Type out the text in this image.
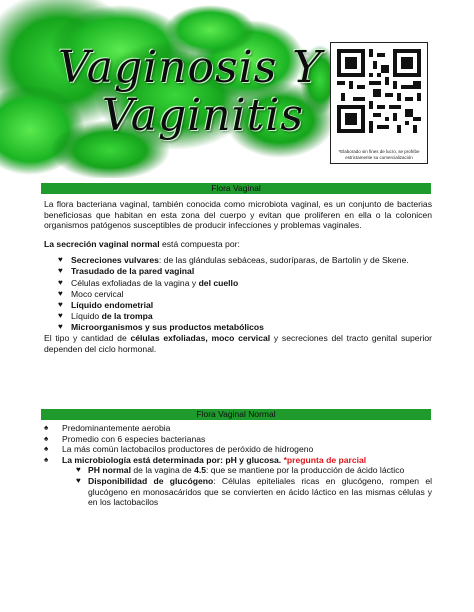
Vaginosis Y
Vaginitis
*Elaborado sin fines de lucro, se prohíbe estrictamente su comercialización
Flora Vaginal

La flora bacteriana vaginal, también conocida como microbiota vaginal, es un conjunto de bacterias beneficiosas que habitan en esta zona del cuerpo y evitan que proliferen en ella o la colonicen organismos patógenos susceptibles de producir infecciones y problemas vaginales.

La secreción vaginal normal está compuesta por:

♥ Secreciones vulvares: de las glándulas sebáceas, sudoríparas, de Bartolin y de Skene.
♥ Trasudado de la pared vaginal
♥ Células exfoliadas de la vagina y del cuello
♥ Moco cervical
♥ Líquido endometrial
♥ Líquido de la trompa
♥ Microorganismos y sus productos metabólicos

El tipo y cantidad de células exfoliadas, moco cervical y secreciones del tracto genital superior dependen del ciclo hormonal.

Flora Vaginal Normal
♠ Predominantemente aerobia
♠ Promedio con 6 especies bacterianas
♠ La más común lactobacilos productores de peróxido de hidrogeno
♠ La microbiología está determinada por: pH y glucosa. *pregunta de parcial
♥ PH normal de la vagina de 4.5: que se mantiene por la producción de ácido láctico
♥ Disponibilidad de glucógeno: Células epiteliales ricas en glucógeno, rompen el glucógeno en monosacáridos que se convierten en ácido láctico en las mismas células y en los lactobacilos
